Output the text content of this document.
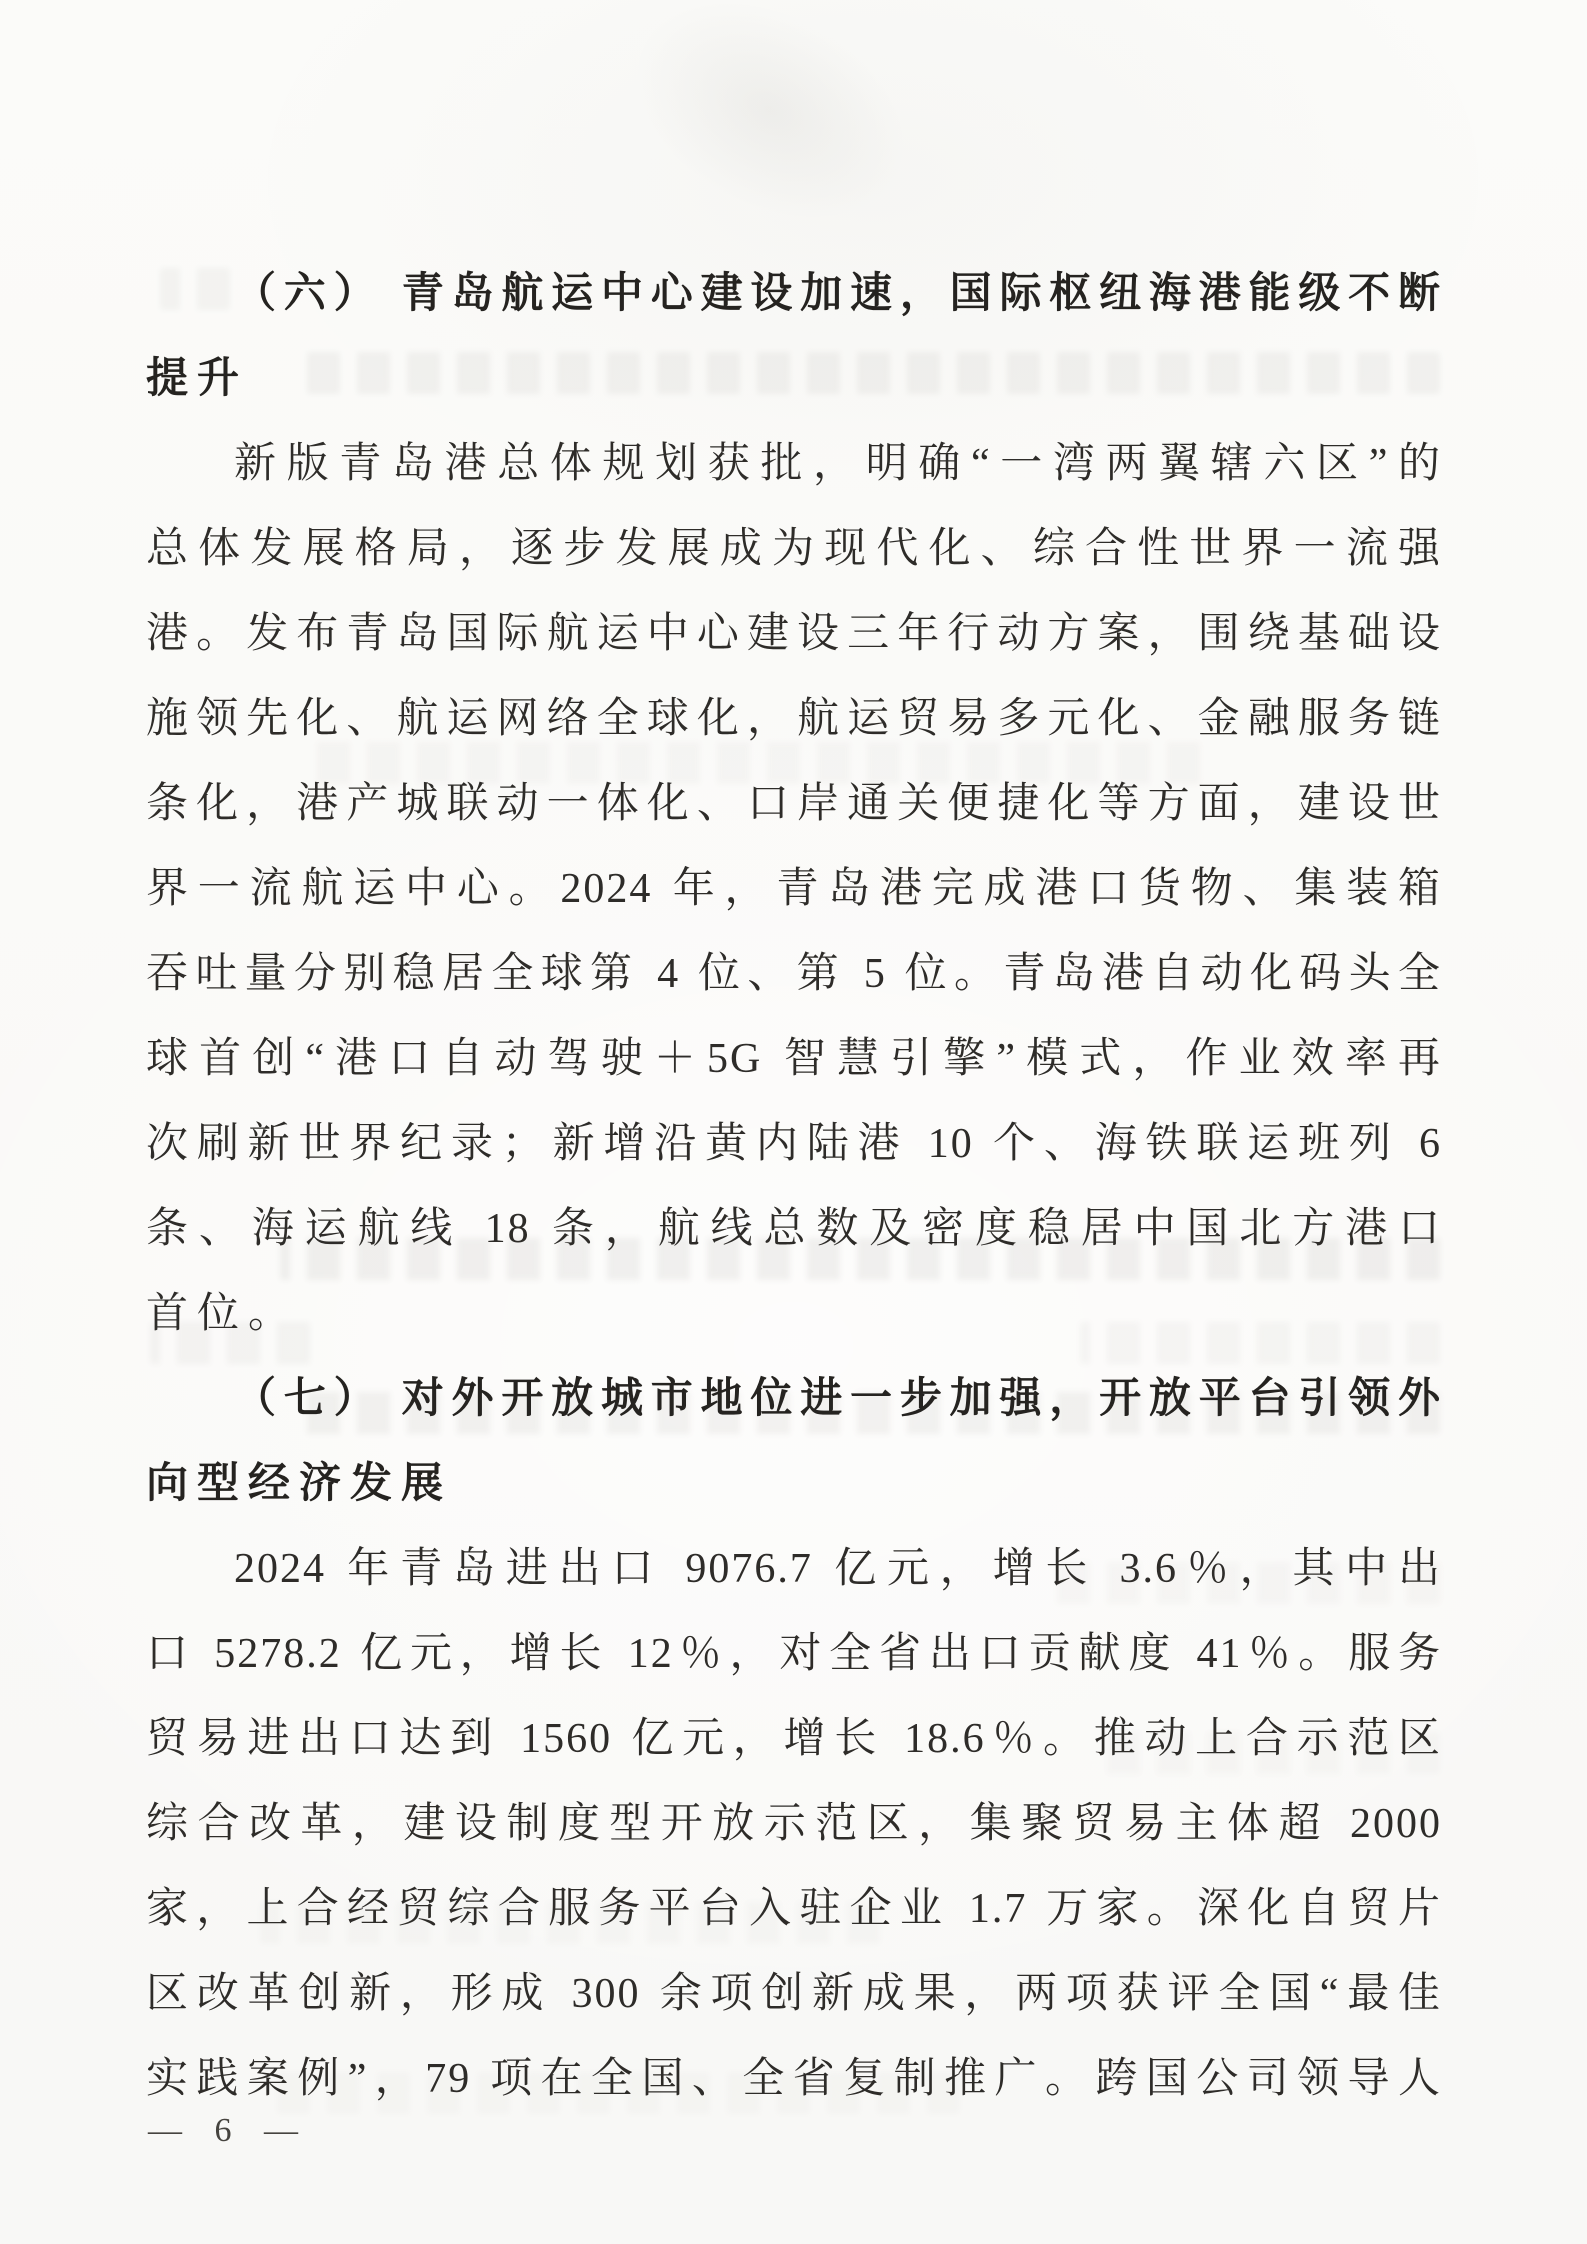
（六） 青岛航运中心建设加速，国际枢纽海港能级不断
提升
新版青岛港总体规划获批，明确“一湾两翼辖六区”的
总体发展格局，逐步发展成为现代化、综合性世界一流强
港。发布青岛国际航运中心建设三年行动方案，围绕基础设
施领先化、航运网络全球化，航运贸易多元化、金融服务链
条化，港产城联动一体化、口岸通关便捷化等方面，建设世
界一流航运中心。2024 年，青岛港完成港口货物、集装箱
吞吐量分别稳居全球第 4 位、第 5 位。青岛港自动化码头全
球首创“港口自动驾驶＋5G 智慧引擎”模式，作业效率再
次刷新世界纪录；新增沿黄内陆港 10 个、海铁联运班列 6
条、海运航线 18 条，航线总数及密度稳居中国北方港口
首位。
（七） 对外开放城市地位进一步加强，开放平台引领外
向型经济发展
2024 年青岛进出口 9076.7 亿元，增长 3.6％，其中出
口 5278.2 亿元，增长 12％，对全省出口贡献度 41％。服务
贸易进出口达到 1560 亿元，增长 18.6％。推动上合示范区
综合改革，建设制度型开放示范区，集聚贸易主体超 2000
家，上合经贸综合服务平台入驻企业 1.7 万家。深化自贸片
区改革创新，形成 300 余项创新成果，两项获评全国“最佳
实践案例”，79 项在全国、全省复制推广。跨国公司领导人
— 6 —
